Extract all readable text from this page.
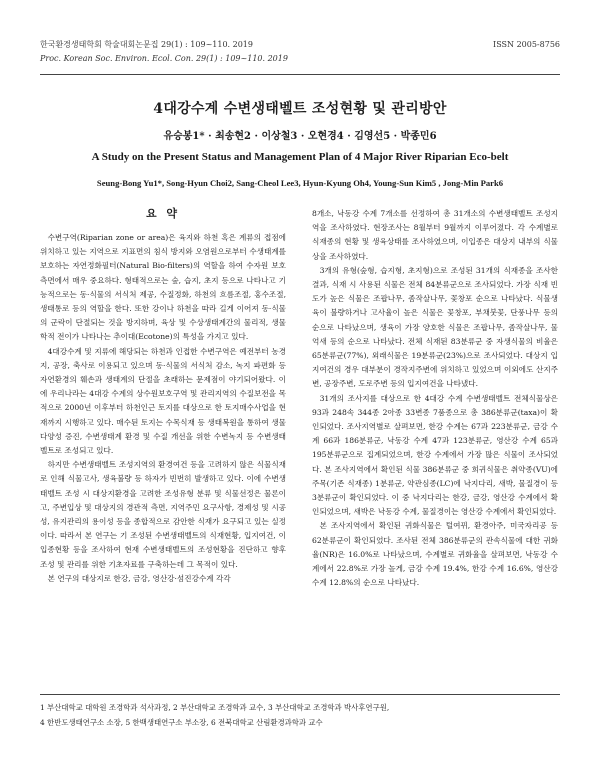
한국환경생태학회 학술대회논문집 29(1) : 109~110. 2019	ISSN 2005-8756
Proc. Korean Soc. Environ. Ecol. Con. 29(1) : 109~110. 2019
4대강수계 수변생태벨트 조성현황 및 관리방안
유승봉1* · 최송현2 · 이상철3 · 오현경4 · 김영선5 · 박종민6
A Study on the Present Status and Management Plan of 4 Major River Riparian Eco-belt
Seung-Bong Yu1*, Song-Hyun Choi2, Sang-Cheol Lee3, Hyun-Kyung Oh4, Young-Sun Kim5 , Jong-Min Park6
요 약

수변구역(Riparian zone or area)은 육지와 하천 혹은 계류의 접점에 위치하고 있는 지역으로 지표면의 침식 방지와 오염원으로부터 수생태계를 보호하는 자연정화필터(Natural Bio-filters)의 역할을 하여 수자원 보호 측면에서 매우 중요하다. 형태적으로는 숲, 습지, 초지 등으로 나타나고 기능적으로는 동·식물의 서식처 제공, 수질정화, 하천의 흐름조절, 홍수조절, 생태통로 등의 역할을 한다. 또한 강이나 하천을 따라 길게 이어져 동·식물의 군락이 단절되는 것을 방지하며, 육상 및 수상생태계간의 물리적, 생물학적 전이가 나타나는 추이대(Ecotone)의 특성을 가지고 있다.

4대강수계 및 지류에 해당되는 하천과 인접한 수변구역은 예전부터 농경지, 공장, 축사로 이용되고 있으며 동·식물의 서식처 감소, 녹지 파편화 등 자연환경의 훼손과 생태계의 단절을 초래하는 문제점이 야기되어왔다. 이에 우리나라는 4대강 수계의 상수원보호구역 및 관리지역의 수질보전을 목적으로 2000년 이후부터 하천인근 토지를 대상으로 한 토지매수사업을 현재까지 시행하고 있다. 매수된 토지는 수목식재 등 생태복원을 통하여 생물다양성 증진, 수변생태계 환경 및 수질 개선을 위한 수변녹지 등 수변생태벨트로 조성되고 있다.

하지만 수변생태벨트 조성지역의 환경여건 등을 고려하지 않은 식물식재로 인해 식물고사, 생육불량 등 하자가 빈번히 발생하고 있다. 이에 수변생태벨트 조성 시 대상지환경을 고려한 조성유형 분류 및 식물선정은 물론이고, 주변입상 및 대상지의 경관적 측면, 지역주민 요구사항, 경제성 및 시공성, 유지관리의 용이성 등을 종합적으로 감안한 식재가 요구되고 있는 실정이다. 따라서 본 연구는 기 조성된 수변생태벨트의 식재현황, 입지여건, 이입종현황 등을 조사하여 현재 수변생태벨트의 조성현황을 진단하고 향후 조성 및 관리를 위한 기초자료를 구축하는데 그 목적이 있다.

본 연구의 대상지로 한강, 금강, 영산강·섬진강수계 각각

8개소, 낙동강 수계 7개소를 선정하여 총 31개소의 수변생태벨트 조성지역을 조사하였다. 현장조사는 8월부터 9월까지 이루어졌다. 각 수계별로 식재종의 현황 및 생육상태를 조사하였으며, 이입종은 대상지 내부의 식물상을 조사하였다.

3개의 유형(숲형, 습지형, 초지형)으로 조성된 31개의 식재종을 조사한 결과, 식재 시 사용된 식물은 전체 84분류군으로 조사되었다. 가장 식재 빈도가 높은 식물은 조팝나무, 좀작살나무, 꽃창포 순으로 나타났다. 식물생육이 불량하거나 고사율이 높은 식물은 꽃창포, 부채붓꽃, 단풍나무 등의 순으로 나타났으며, 생육이 가장 양호한 식물은 조팝나무, 좀작살나무, 물억새 등의 순으로 나타났다. 전체 식재된 83분류군 중 자생식물의 비율은 65분류군(77%), 외래식물은 19분류군(23%)으로 조사되었다. 대상지 입지여건의 경우 대부분이 경작지주변에 위치하고 있었으며 이외에도 산지주변, 공장주변, 도로주변 등의 입지여건을 나타냈다.

31개의 조사지를 대상으로 한 4대강 수계 수변생태벨트 전체식물상은 93과 248속 344종 2아종 33변종 7품종으로 총 386분류군(taxa)이 확인되었다. 조사지역별로 살펴보면, 한강 수계는 67과 223분류군, 금강 수계 66과 186분류군, 낙동강 수계 47과 123분류군, 영산강 수계 65과 195분류군으로 집계되었으며, 한강 수계에서 가장 많은 식물이 조사되었다. 본 조사지역에서 확인된 식물 386분류군 중 희귀식물은 취약종(VU)에 주목(기존 식재종) 1분류군, 약관심종(LC)에 낙지다리, 새박, 물질경이 등 3분류군이 확인되었다. 이 중 낙지다리는 한강, 금강, 영산강 수계에서 확인되었으며, 새박은 낙동강 수계, 물질경이는 영산강 수계에서 확인되었다.

본 조사지역에서 확인된 귀화식물은 털여뀌, 환경아주, 미국자리공 등 62분류군이 확인되었다. 조사된 전체 386분류군의 관속식물에 대한 귀화율(NR)은 16.0%로 나타났으며, 수계별로 귀화율을 살펴보면, 낙동강 수계에서 22.8%로 가장 높게, 금강 수계 19.4%, 한강 수계 16.6%, 영산강 수계 12.8%의 순으로 나타났다.

1 부산대학교 대학원 조경학과 석사과정, 2 부산대학교 조경학과 교수, 3 부산대학교 조경학과 박사후연구원,

4 한반도생태연구소 소장, 5 한백생태연구소 부소장, 6 전북대학교 산림환경과학과 교수
